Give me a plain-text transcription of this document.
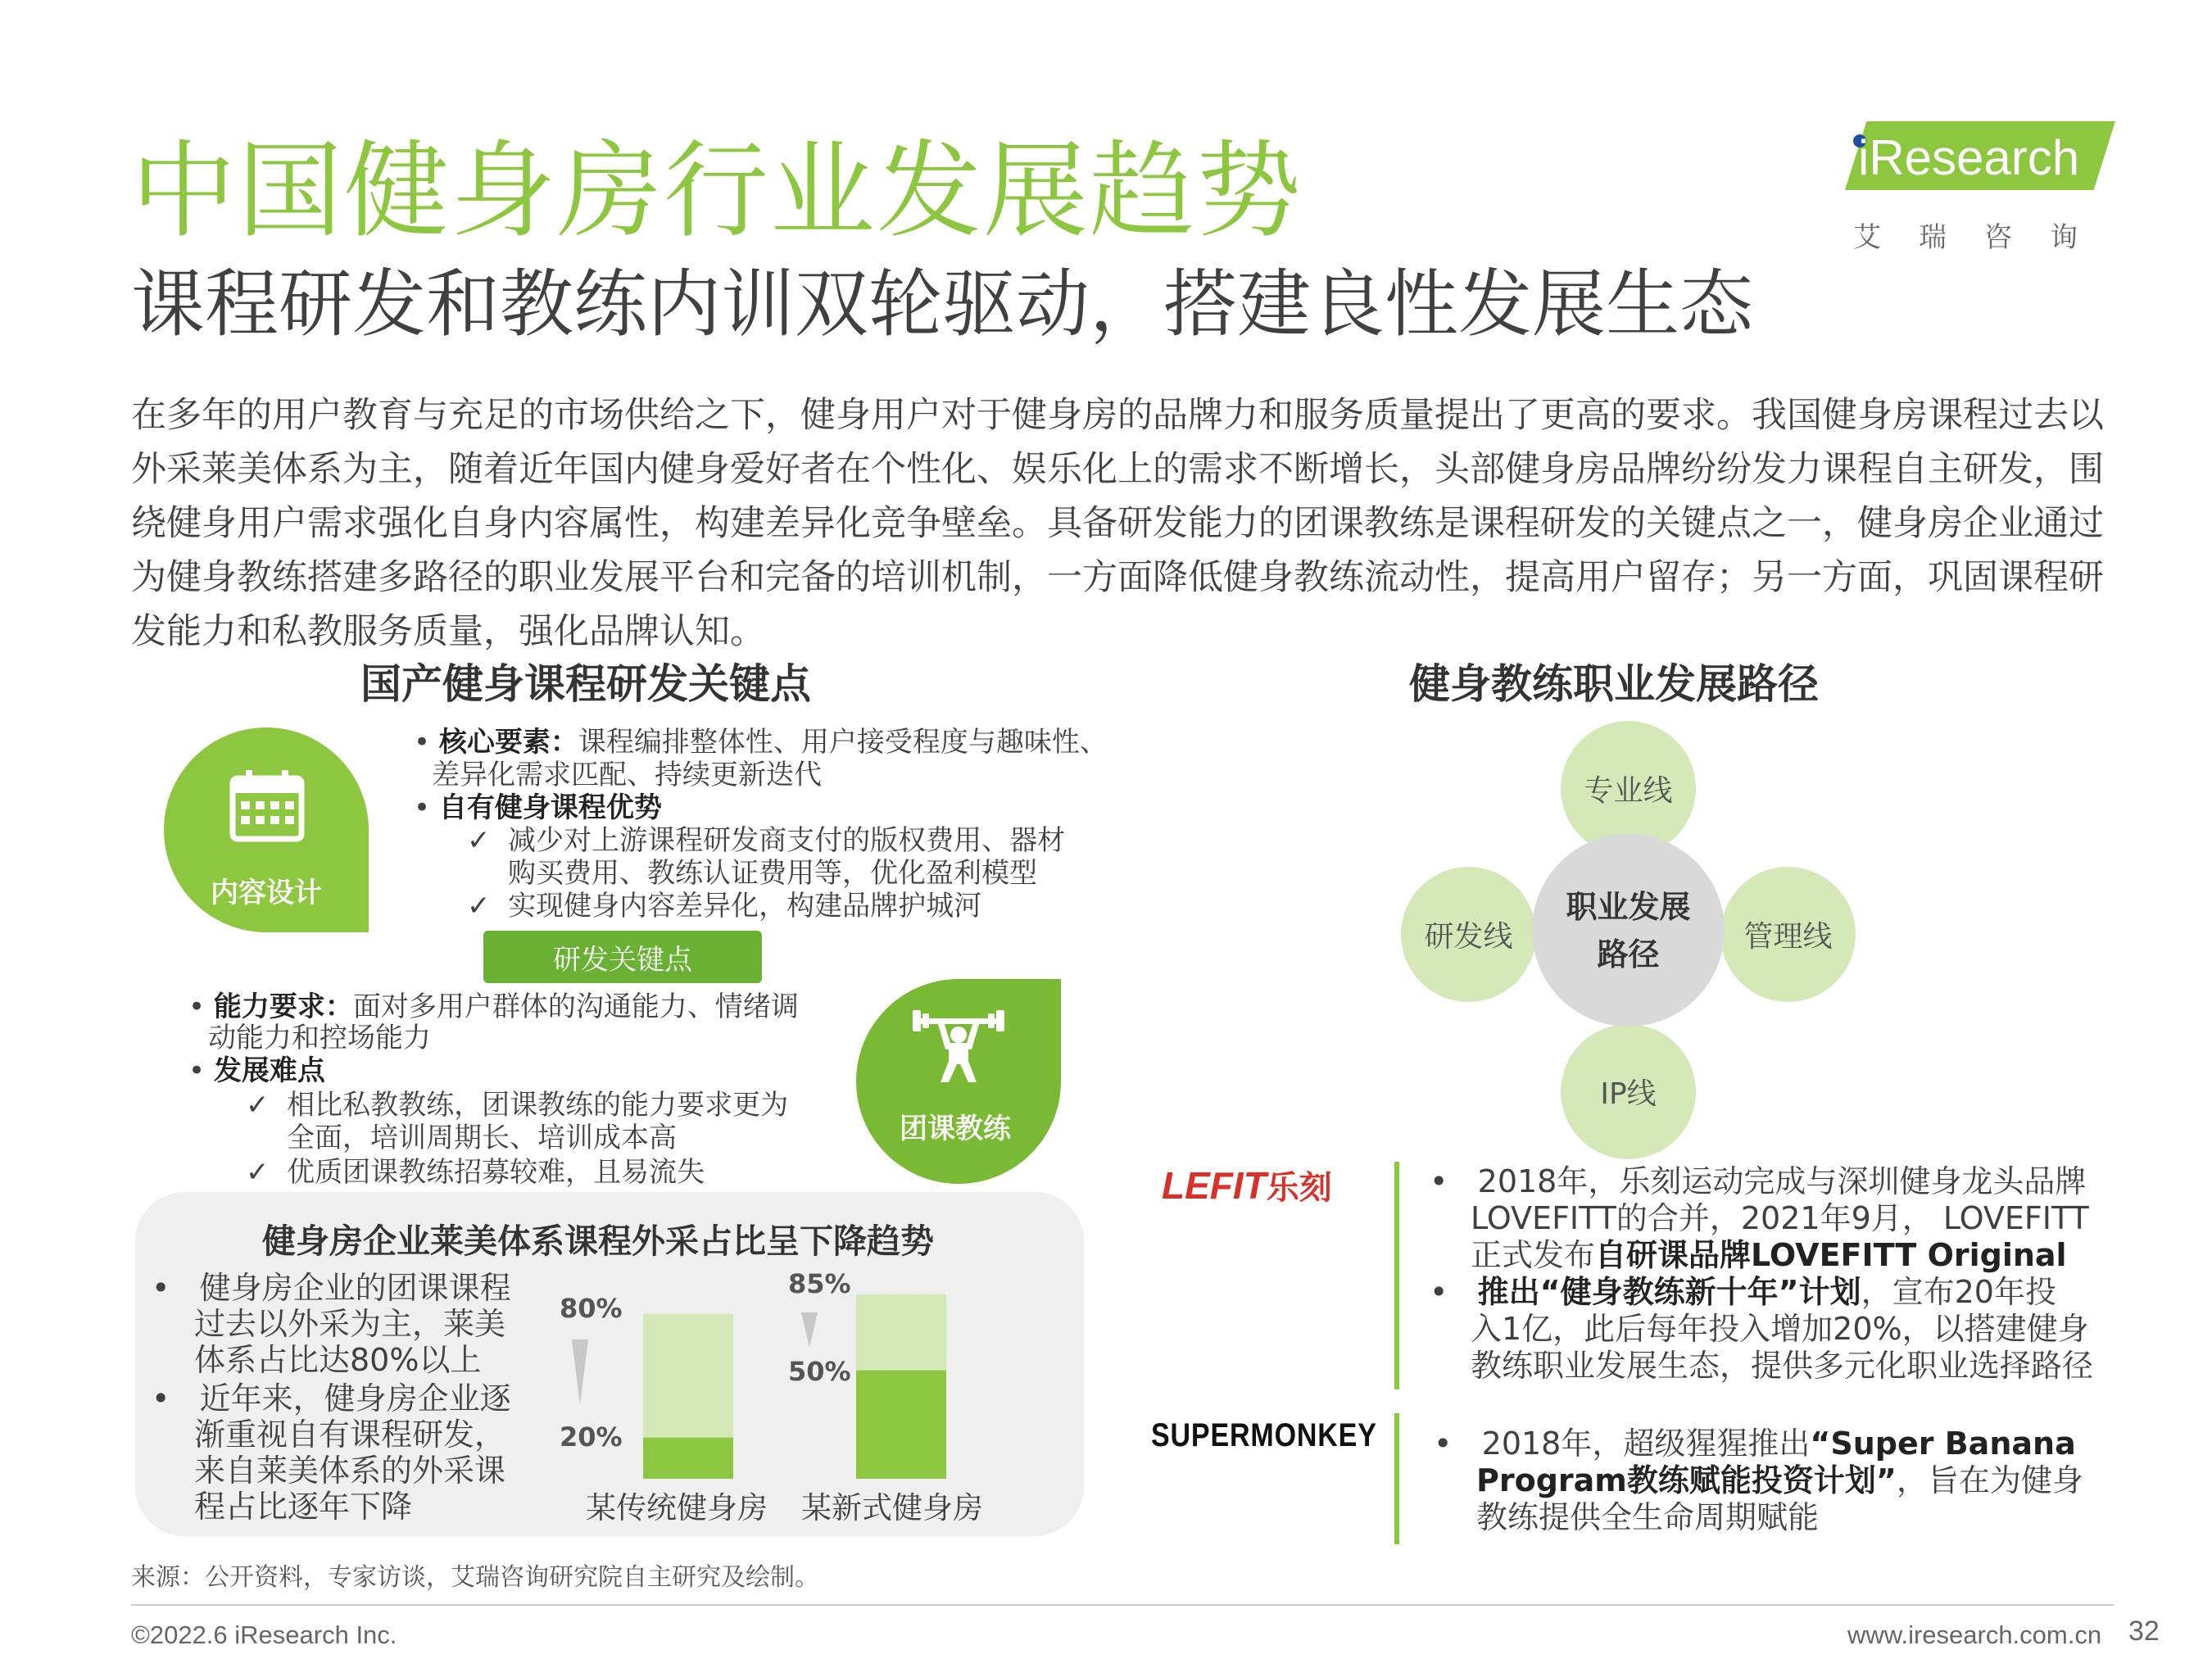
中国健身房行业发展趋势
课程研发和教练内训双轮驱动，搭建良性发展生态
iResearch
艾瑞咨询
在多年的用户教育与充足的市场供给之下，健身用户对于健身房的品牌力和服务质量提出了更高的要求。我国健身房课程过去以外采莱美体系为主，随着近年国内健身爱好者在个性化、娱乐化上的需求不断增长，头部健身房品牌纷纷发力课程自主研发，围绕健身用户需求强化自身内容属性，构建差异化竞争壁垒。具备研发能力的团课教练是课程研发的关键点之一，健身房企业通过为健身教练搭建多路径的职业发展平台和完备的培训机制，一方面降低健身教练流动性，提高用户留存；另一方面，巩固课程研发能力和私教服务质量，强化品牌认知。
国产健身课程研发关键点
内容设计
• 核心要素：课程编排整体性、用户接受程度与趣味性、
差异化需求匹配、持续更新迭代
• 自有健身课程优势
✓  减少对上游课程研发商支付的版权费用、器材
购买费用、教练认证费用等，优化盈利模型
✓  实现健身内容差异化，构建品牌护城河
研发关键点
• 能力要求：面对多用户群体的沟通能力、情绪调
动能力和控场能力
• 发展难点
✓  相比私教教练，团课教练的能力要求更为
全面，培训周期长、培训成本高
✓  优质团课教练招募较难，且易流失
团课教练
健身房企业莱美体系课程外采占比呈下降趋势
•   健身房企业的团课课程
过去以外采为主，莱美
体系占比达80%以上
•   近年来，健身房企业逐
渐重视自有课程研发，
来自莱美体系的外采课
程占比逐年下降
80%
20%
85%
50%
某传统健身房 某新式健身房
健身教练职业发展路径
专业线
研发线	管理线
IP线
职业发展
路径
LEFIT乐刻	•   2018年，乐刻运动完成与深圳健身龙头品牌
LOVEFITT的合并，2021年9月， LOVEFITT
正式发布自研课品牌LOVEFITT Original
•   推出“健身教练新十年”计划，宣布20年投
入1亿，此后每年投入增加20%，以搭建健身
教练职业发展生态，提供多元化职业选择路径
SUPERMONKEY •   2018年，超级猩猩推出“Super Banana
Program教练赋能投资计划”，旨在为健身
教练提供全生命周期赋能
来源：公开资料，专家访谈，艾瑞咨询研究院自主研究及绘制。
©2022.6 iResearch Inc.	www.iresearch.com.cn 32
